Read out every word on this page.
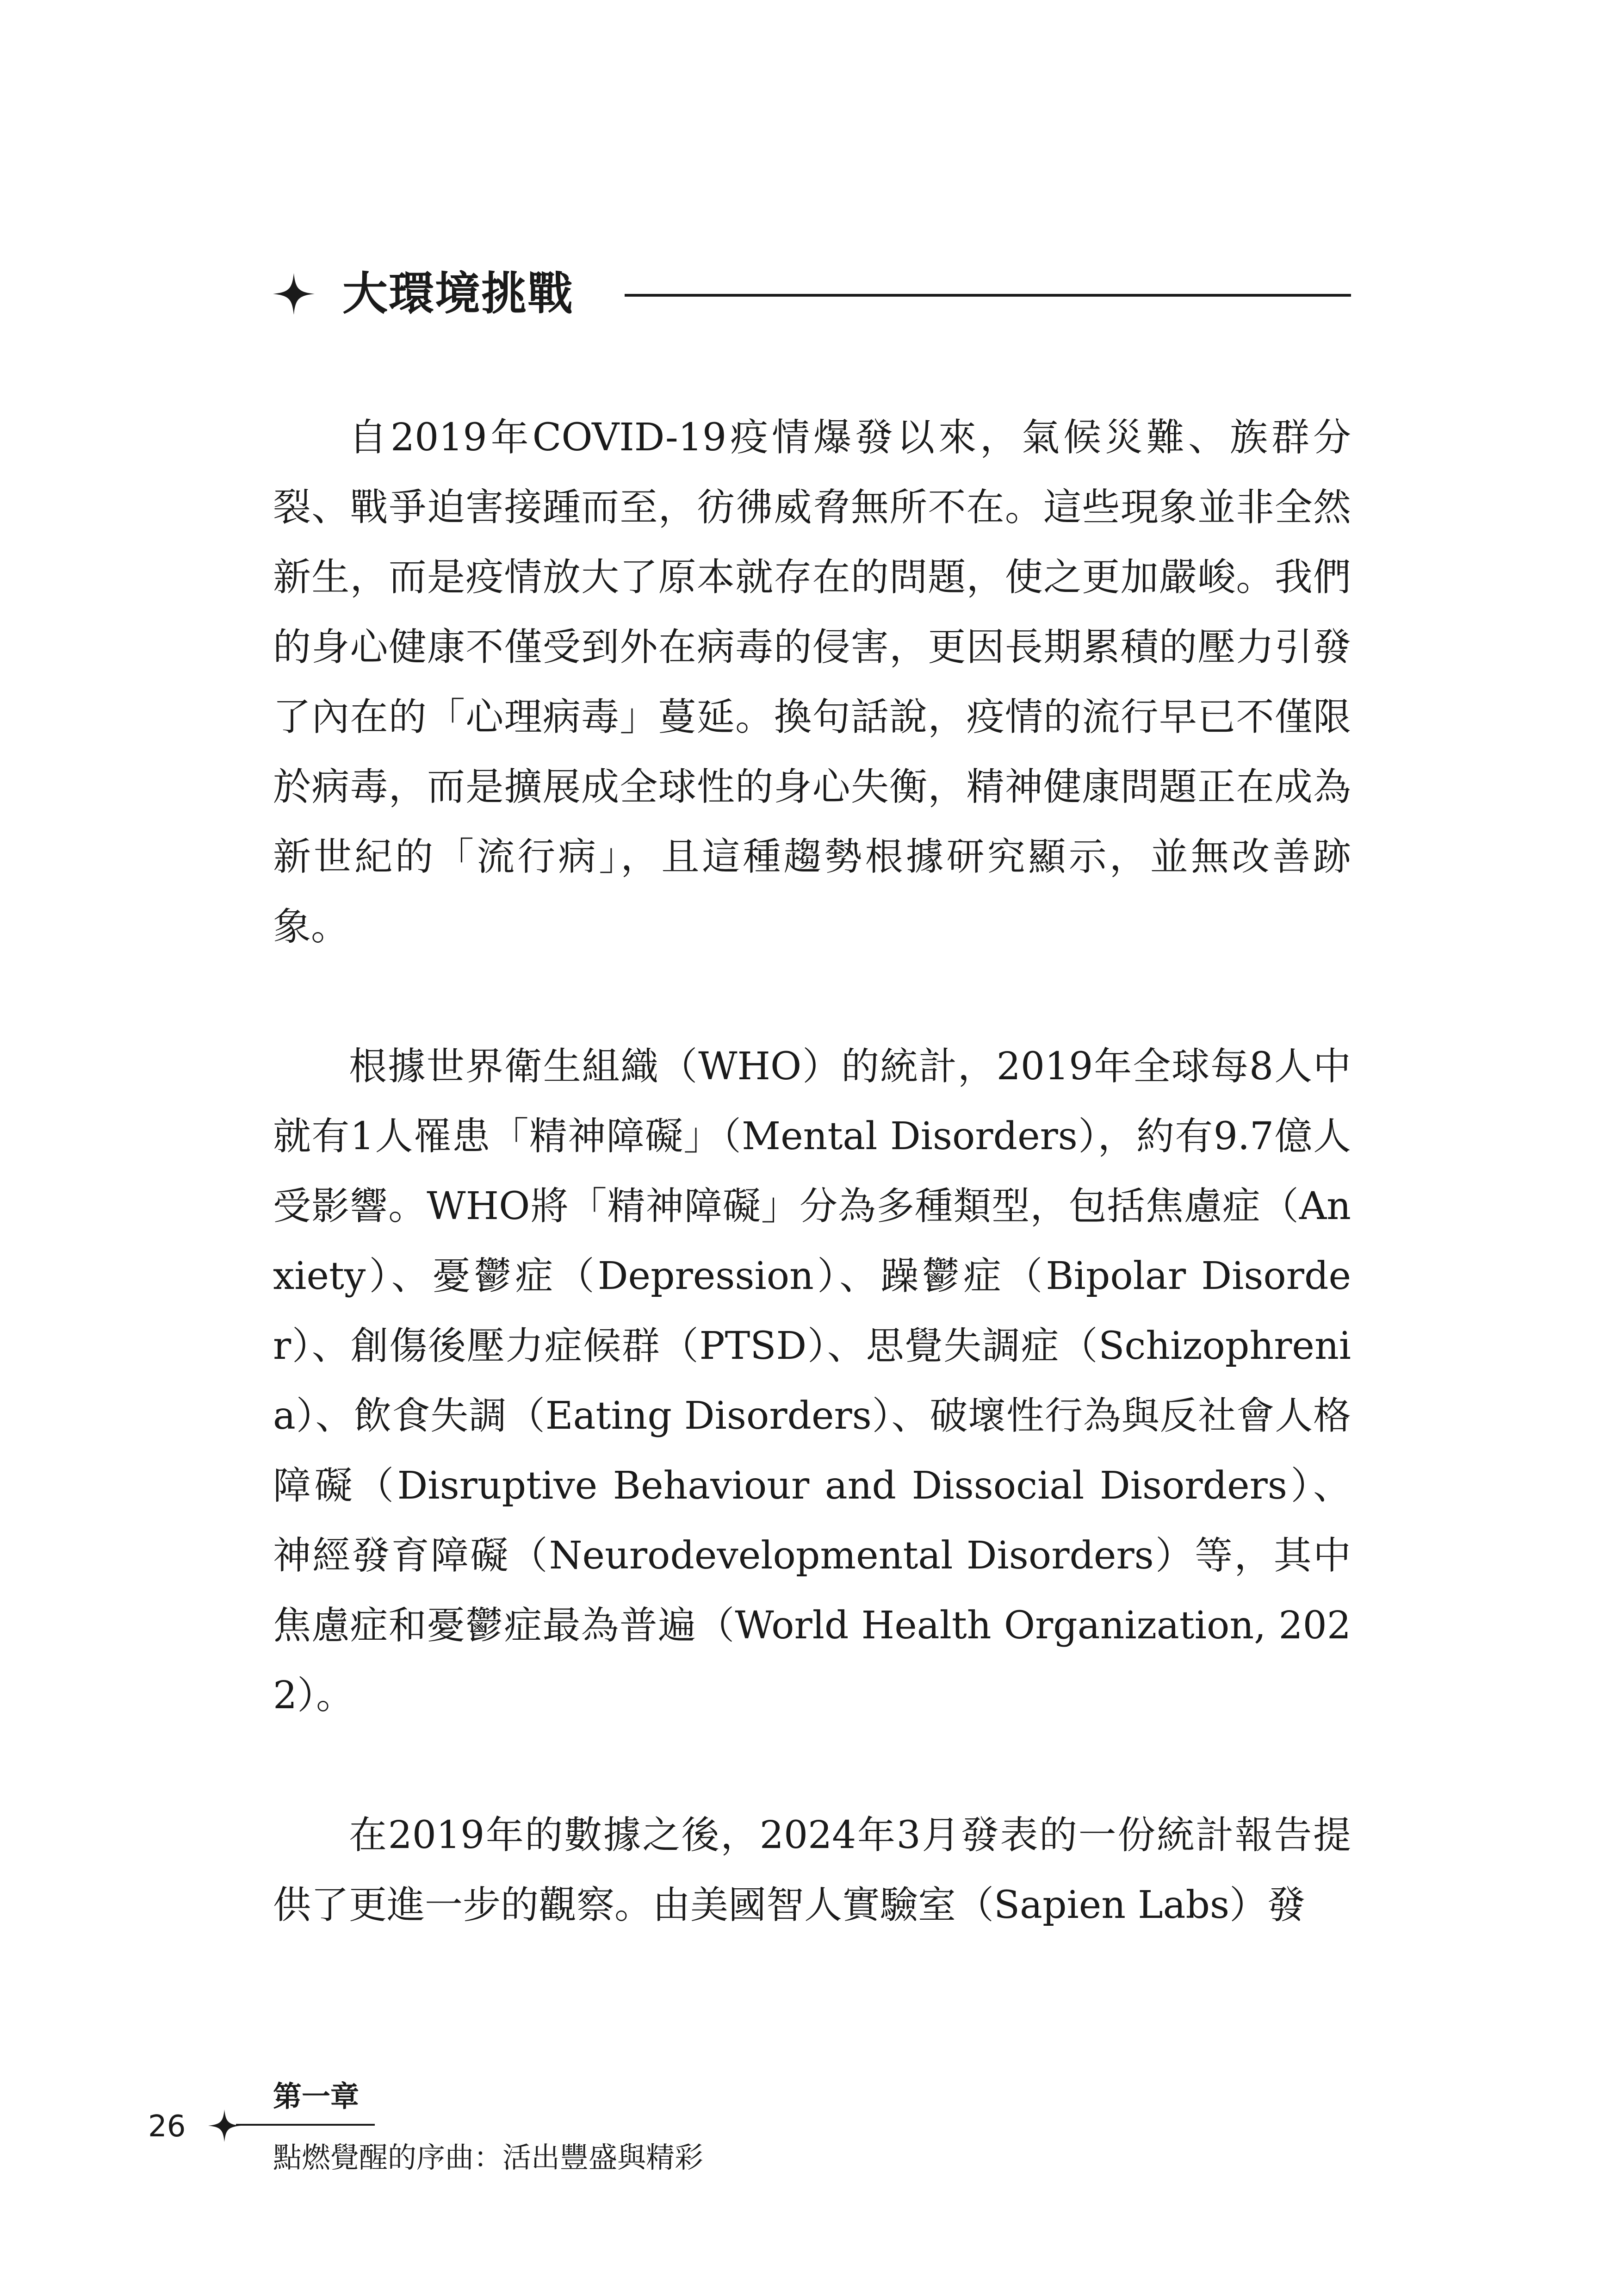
大環境挑戰

自2019年COVID-19疫情爆發以來，氣候災難、族群分裂、戰爭迫害接踵而至，彷彿威脅無所不在。這些現象並非全然新生，而是疫情放大了原本就存在的問題，使之更加嚴峻。我們的身心健康不僅受到外在病毒的侵害，更因長期累積的壓力引發了內在的「心理病毒」蔓延。換句話說，疫情的流行早已不僅限於病毒，而是擴展成全球性的身心失衡，精神健康問題正在成為新世紀的「流行病」，且這種趨勢根據研究顯示，並無改善跡象。

根據世界衛生組織（WHO）的統計，2019年全球每8人中就有1人罹患「精神障礙」（Mental Disorders），約有9.7億人受影響。WHO將「精神障礙」分為多種類型，包括焦慮症（Anxiety）、憂鬱症（Depression）、躁鬱症（Bipolar Disorder）、創傷後壓力症候群（PTSD）、思覺失調症（Schizophrenia）、飲食失調（Eating Disorders）、破壞性行為與反社會人格障礙（Disruptive Behaviour and Dissocial Disorders）、神經發育障礙（Neurodevelopmental Disorders）等，其中焦慮症和憂鬱症最為普遍（World Health Organization, 2022）。

在2019年的數據之後，2024年3月發表的一份統計報告提供了更進一步的觀察。由美國智人實驗室（Sapien Labs）發

26
第一章
點燃覺醒的序曲：活出豐盛與精彩
